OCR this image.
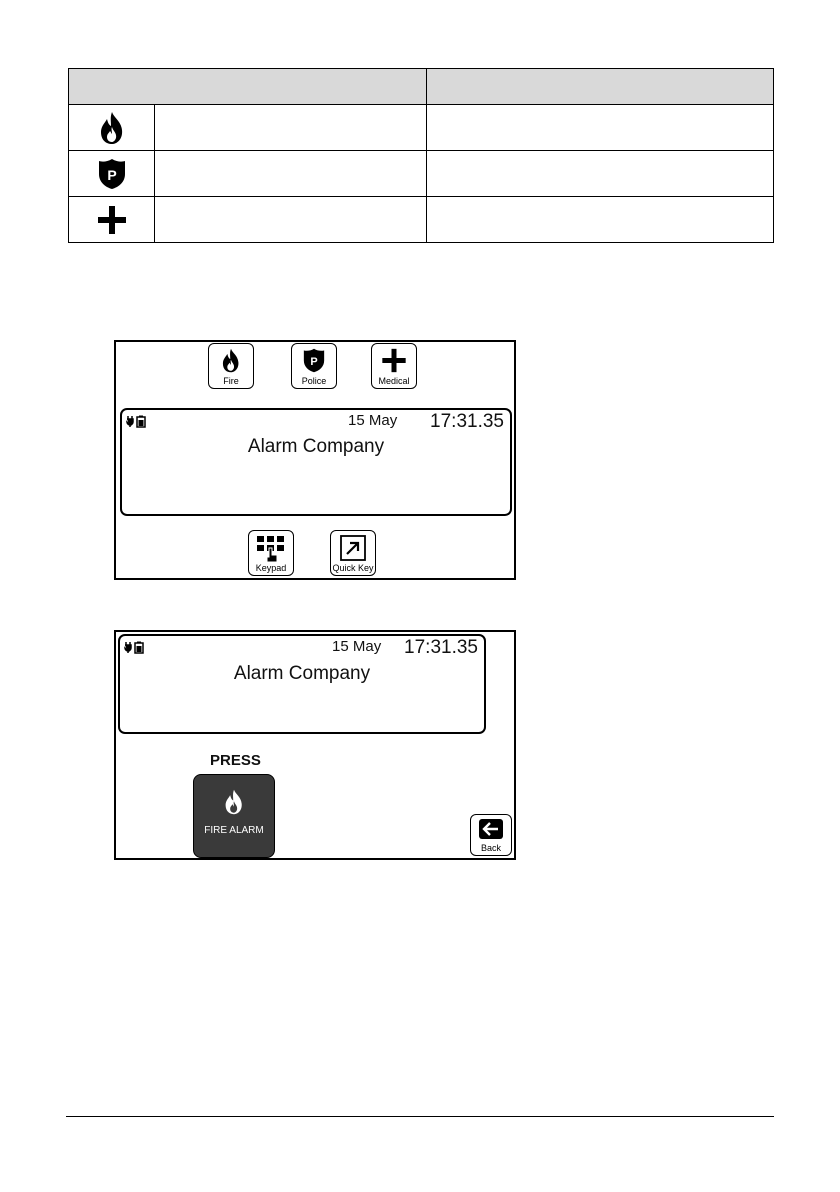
P		

Fire
P
Police	Medical
15 May 17:31.35
Alarm Company
Keypad	Quick Key
15 May 17:31.35
Alarm Company
PRESS
FIRE ALARM
Back
